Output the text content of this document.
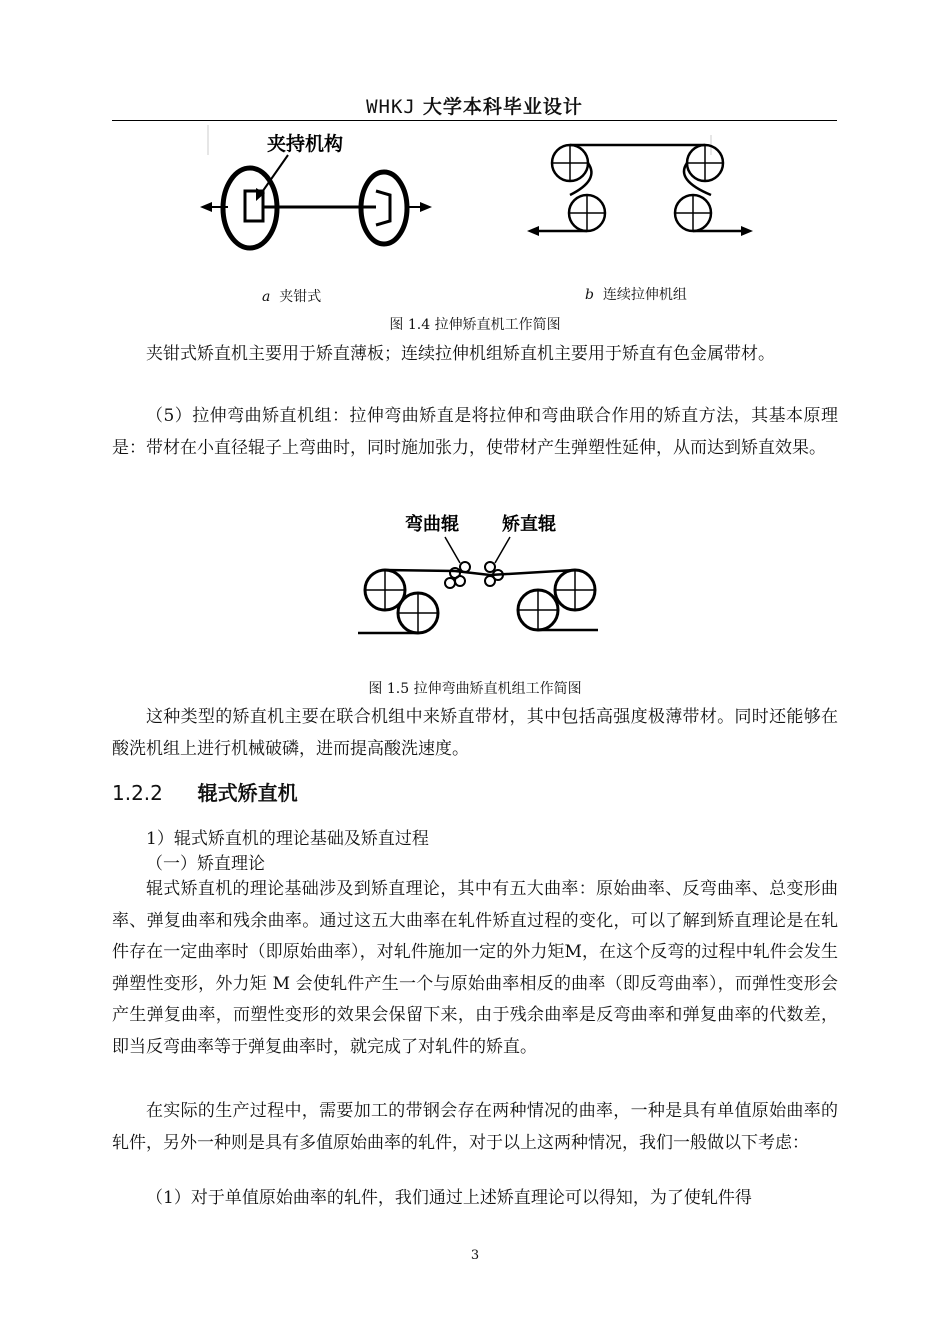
WHKJ 大学本科毕业设计
夹持机构
a 夹钳式	b 连续拉伸机组
图 1.4 拉伸矫直机工作简图
夹钳式矫直机主要用于矫直薄板；连续拉伸机组矫直机主要用于矫直有色金属带材。
（5）拉伸弯曲矫直机组：拉伸弯曲矫直是将拉伸和弯曲联合作用的矫直方法，其基本原理是：带材在小直径辊子上弯曲时，同时施加张力，使带材产生弹塑性延伸，从而达到矫直效果。
弯曲辊 矫直辊
图 1.5 拉伸弯曲矫直机组工作简图
这种类型的矫直机主要在联合机组中来矫直带材，其中包括高强度极薄带材。同时还能够在酸洗机组上进行机械破磷，进而提高酸洗速度。
1.2.2 辊式矫直机
1）辊式矫直机的理论基础及矫直过程
（一）矫直理论
辊式矫直机的理论基础涉及到矫直理论，其中有五大曲率：原始曲率、反弯曲率、总变形曲率、弹复曲率和残余曲率。通过这五大曲率在轧件矫直过程的变化，可以了解到矫直理论是在轧件存在一定曲率时（即原始曲率），对轧件施加一定的外力矩M，在这个反弯的过程中轧件会发生弹塑性变形，外力矩 M 会使轧件产生一个与原始曲率相反的曲率（即反弯曲率），而弹性变形会产生弹复曲率，而塑性变形的效果会保留下来，由于残余曲率是反弯曲率和弹复曲率的代数差，即当反弯曲率等于弹复曲率时，就完成了对轧件的矫直。
在实际的生产过程中，需要加工的带钢会存在两种情况的曲率，一种是具有单值原始曲率的轧件，另外一种则是具有多值原始曲率的轧件，对于以上这两种情况，我们一般做以下考虑：
（1）对于单值原始曲率的轧件，我们通过上述矫直理论可以得知，为了使轧件得
3
